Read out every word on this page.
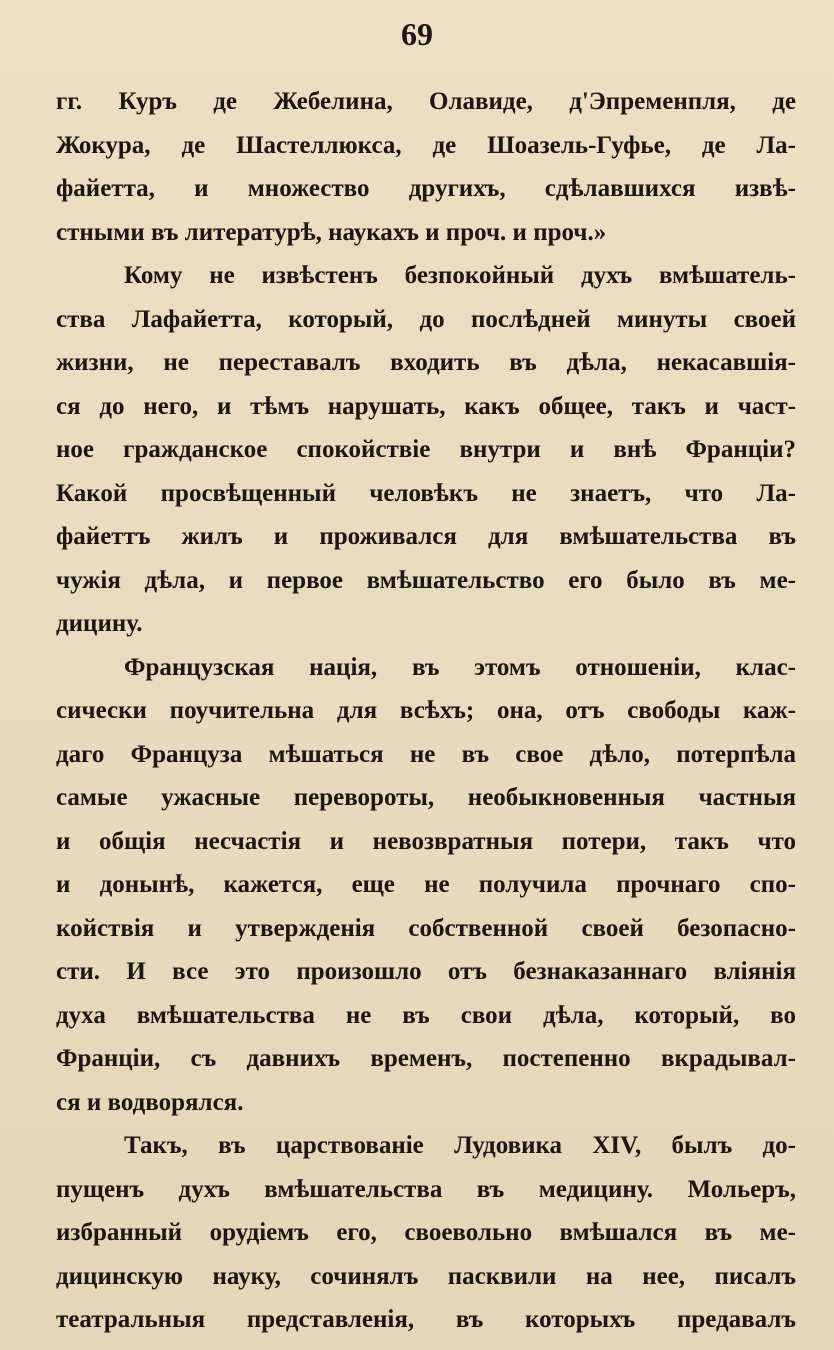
69
гг. Куръ де Жебелина, Олавиде, д'Эпременпля, де
Жокура, де Шастеллюкса, де Шоазель-Гуфье, де Ла-
файетта, и множество другихъ, сдѣлавшихся извѣ-
стными въ литературѣ, наукахъ и проч. и проч.»
Кому не извѣстенъ безпокойный духъ вмѣшатель-
ства Лафайетта, который, до послѣдней минуты своей
жизни, не переставалъ входить въ дѣла, некасавшія-
ся до него, и тѣмъ нарушать, какъ общее, такъ и част-
ное гражданское спокойствіе внутри и внѣ Франціи?
Какой просвѣщенный человѣкъ не знаетъ, что Ла-
файеттъ жилъ и проживался для вмѣшательства въ
чужія дѣла, и первое вмѣшательство его было въ ме-
дицину.
Французская нація, въ этомъ отношеніи, клас-
сически поучительна для всѣхъ; она, отъ свободы каж-
даго Француза мѣшаться не въ свое дѣло, потерпѣла
самые ужасные перевороты, необыкновенныя частныя
и общія несчастія и невозвратныя потери, такъ что
и донынѣ, кажется, еще не получила прочнаго спо-
койствія и утвержденія собственной своей безопасно-
сти. И все это произошло отъ безнаказаннаго вліянія
духа вмѣшательства не въ свои дѣла, который, во
Франціи, съ давнихъ временъ, постепенно вкрадывал-
ся и водворялся.
Такъ, въ царствованіе Лудовика XIV, былъ до-
пущенъ духъ вмѣшательства въ медицину. Мольеръ,
избранный орудіемъ его, своевольно вмѣшался въ ме-
дицинскую науку, сочинялъ пасквили на нее, писалъ
театральныя представленія, въ которыхъ предавалъ
